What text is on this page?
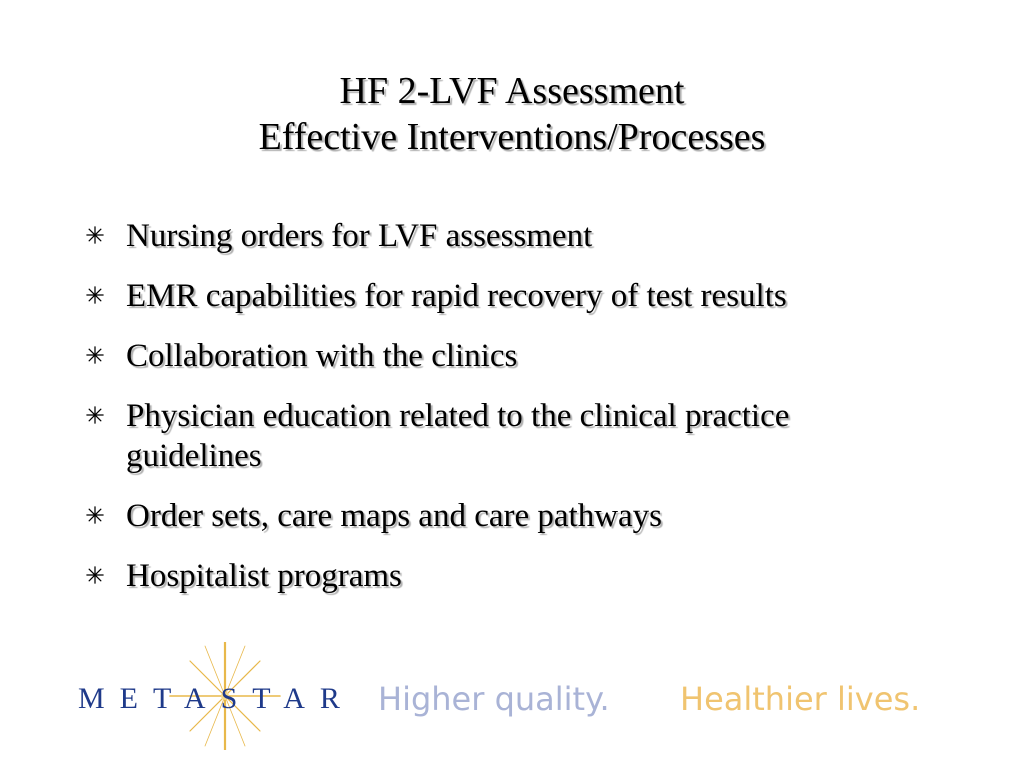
HF 2-LVF Assessment
Effective Interventions/Processes
Nursing orders for LVF assessment
EMR capabilities for rapid recovery of test results
Collaboration with the clinics
Physician education related to the clinical practice guidelines
Order sets, care maps and care pathways
Hospitalist programs
METASTAR Higher quality. Healthier lives.
